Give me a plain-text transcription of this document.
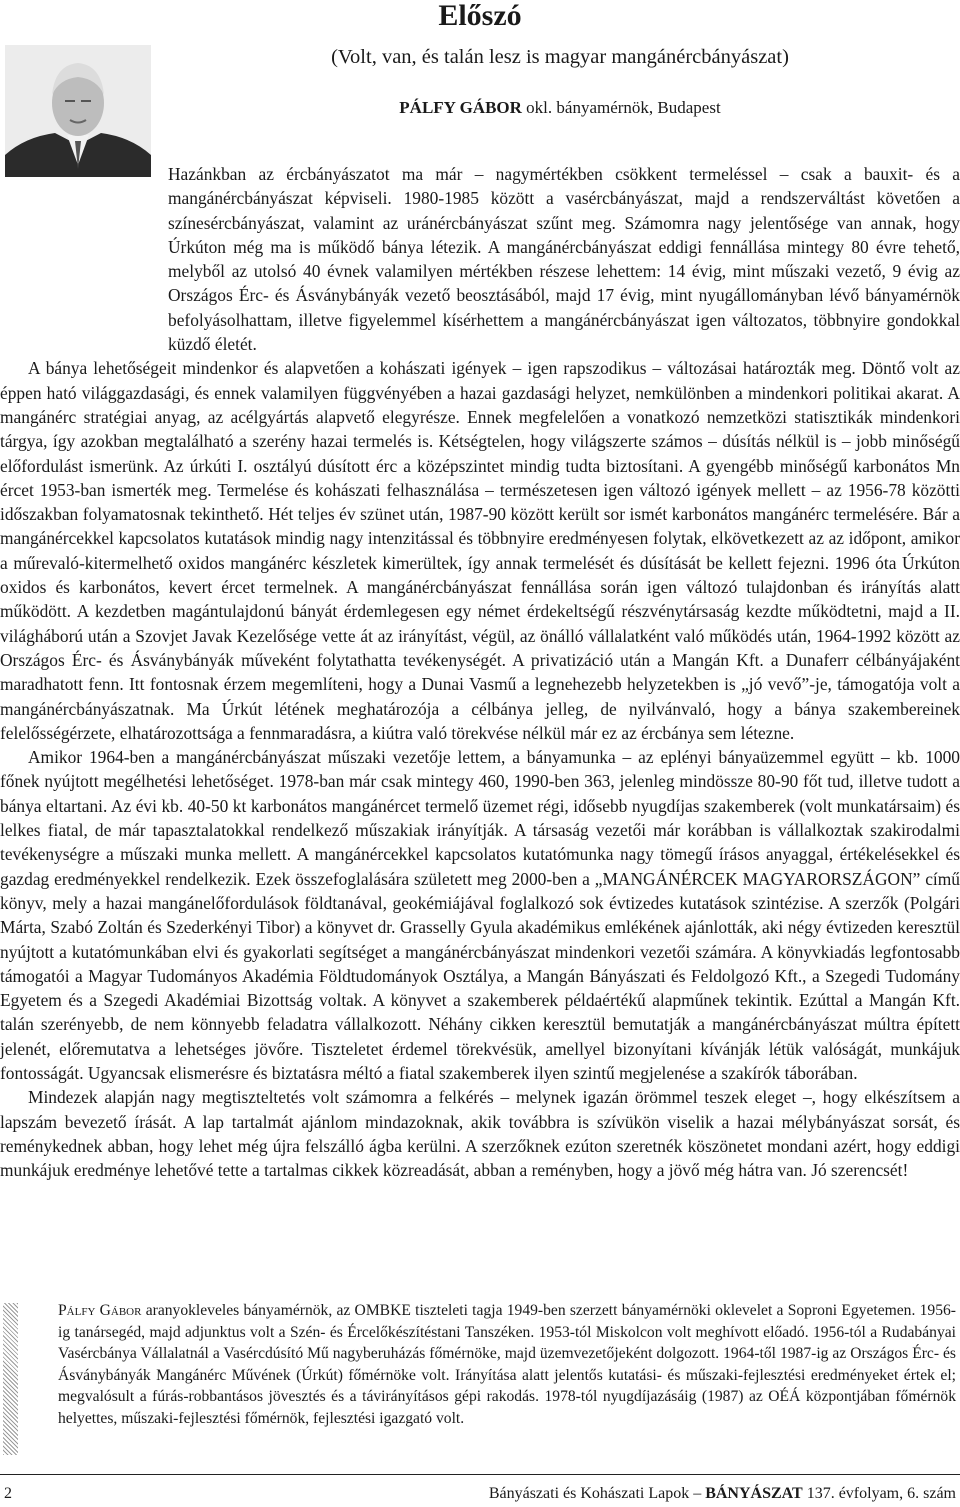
Előszó
(Volt, van, és talán lesz is magyar mangánércbányászat)
PÁLFY GÁBOR okl. bányamérnök, Budapest

Hazánkban az ércbányászatot ma már – nagymértékben csökkent termeléssel – csak a bauxit- és a mangánércbányászat képviseli. 1980-1985 között a vasércbányászat, majd a rendszerváltást követően a színesércbányászat, valamint az uránércbányászat szűnt meg. Számomra nagy jelentősége van annak, hogy Úrkúton még ma is működő bánya létezik. A mangánércbányászat eddigi fennállása mintegy 80 évre tehető, melyből az utolsó 40 évnek valamilyen mértékben részese lehettem: 14 évig, mint műszaki vezető, 9 évig az Országos Érc- és Ásványbányák vezető beosztásából, majd 17 évig, mint nyugállományban lévő bányamérnök befolyásolhattam, illetve figyelemmel kísérhettem a mangánércbányászat igen változatos, többnyire gondokkal küzdő életét.

A bánya lehetőségeit mindenkor és alapvetően a kohászati igények – igen rapszodikus – változásai határozták meg. Döntő volt az éppen ható világgazdasági, és ennek valamilyen függvényében a hazai gazdasági helyzet, nemkülönben a mindenkori politikai akarat. A mangánérc stratégiai anyag, az acélgyártás alapvető elegyrésze. Ennek megfelelően a vonatkozó nemzetközi statisztikák mindenkori tárgya, így azokban megtalálható a szerény hazai termelés is. Kétségtelen, hogy világszerte számos – dúsítás nélkül is – jobb minőségű előfordulást ismerünk. Az úrkúti I. osztályú dúsított érc a középszintet mindig tudta biztosítani. A gyengébb minőségű karbonátos Mn ércet 1953-ban ismerték meg. Termelése és kohászati felhasználása – természetesen igen változó igények mellett – az 1956-78 közötti időszakban folyamatosnak tekinthető. Hét teljes év szünet után, 1987-90 között került sor ismét karbonátos mangánérc termelésére. Bár a mangánércekkel kapcsolatos kutatások mindig nagy intenzitással és többnyire eredményesen folytak, elkövetkezett az az időpont, amikor a műrevaló-kitermelhető oxidos mangánérc készletek kimerültek, így annak termelését és dúsítását be kellett fejezni. 1996 óta Úrkúton oxidos és karbonátos, kevert ércet termelnek. A mangánércbányászat fennállása során igen változó tulajdonban és irányítás alatt működött. A kezdetben magántulajdonú bányát érdemlegesen egy német érdekeltségű részvénytársaság kezdte működtetni, majd a II. világháború után a Szovjet Javak Kezelősége vette át az irányítást, végül, az önálló vállalatként való működés után, 1964-1992 között az Országos Érc- és Ásványbányák műveként folytathatta tevékenységét. A privatizáció után a Mangán Kft. a Dunaferr célbányájaként maradhatott fenn. Itt fontosnak érzem megemlíteni, hogy a Dunai Vasmű a legnehezebb helyzetekben is „jó vevő”-je, támogatója volt a mangánércbányászatnak. Ma Úrkút létének meghatározója a célbánya jelleg, de nyilvánvaló, hogy a bánya szakembereinek felelősségérzete, elhatározottsága a fennmaradásra, a kiútra való törekvése nélkül már ez az ércbánya sem létezne.

Amikor 1964-ben a mangánércbányászat műszaki vezetője lettem, a bányamunka – az eplényi bányaüzemmel együtt – kb. 1000 főnek nyújtott megélhetési lehetőséget. 1978-ban már csak mintegy 460, 1990-ben 363, jelenleg mindössze 80-90 főt tud, illetve tudott a bánya eltartani. Az évi kb. 40-50 kt karbonátos mangánércet termelő üzemet régi, idősebb nyugdíjas szakemberek (volt munkatársaim) és lelkes fiatal, de már tapasztalatokkal rendelkező műszakiak irányítják. A társaság vezetői már korábban is vállalkoztak szakirodalmi tevékenységre a műszaki munka mellett. A mangánércekkel kapcsolatos kutatómunka nagy tömegű írásos anyaggal, értékelésekkel és gazdag eredményekkel rendelkezik. Ezek összefoglalására született meg 2000-ben a „MANGÁNÉRCEK MAGYARORSZÁGON” című könyv, mely a hazai mangánelőfordulások földtanával, geokémiájával foglalkozó sok évtizedes kutatások szintézise. A szerzők (Polgári Márta, Szabó Zoltán és Szederkényi Tibor) a könyvet dr. Grasselly Gyula akadémikus emlékének ajánlották, aki négy évtizeden keresztül nyújtott a kutatómunkában elvi és gyakorlati segítséget a mangánércbányászat mindenkori vezetői számára. A könyvkiadás legfontosabb támogatói a Magyar Tudományos Akadémia Földtudományok Osztálya, a Mangán Bányászati és Feldolgozó Kft., a Szegedi Tudomány Egyetem és a Szegedi Akadémiai Bizottság voltak. A könyvet a szakemberek példaértékű alapműnek tekintik. Ezúttal a Mangán Kft. talán szerényebb, de nem könnyebb feladatra vállalkozott. Néhány cikken keresztül bemutatják a mangánércbányászat múltra épített jelenét, előremutatva a lehetséges jövőre. Tiszteletet érdemel törekvésük, amellyel bizonyítani kívánják létük valóságát, munkájuk fontosságát. Ugyancsak elismerésre és biztatásra méltó a fiatal szakemberek ilyen szintű megjelenése a szakírók táborában.

Mindezek alapján nagy megtiszteltetés volt számomra a felkérés – melynek igazán örömmel teszek eleget –, hogy elkészítsem a lapszám bevezető írását. A lap tartalmát ajánlom mindazoknak, akik továbbra is szívükön viselik a hazai mélybányászat sorsát, és reménykednek abban, hogy lehet még újra felszálló ágba kerülni. A szerzőknek ezúton szeretnék köszönetet mondani azért, hogy eddigi munkájuk eredménye lehetővé tette a tartalmas cikkek közreadását, abban a reményben, hogy a jövő még hátra van. Jó szerencsét!

Pálfy Gábor aranyokleveles bányamérnök, az OMBKE tiszteleti tagja 1949-ben szerzett bányamérnöki oklevelet a Soproni Egyetemen. 1956-ig tanársegéd, majd adjunktus volt a Szén- és Ércelőkészítéstani Tanszéken. 1953-tól Miskolcon volt meghívott előadó. 1956-tól a Rudabányai Vasércbánya Vállalatnál a Vasércdúsító Mű nagyberuházás főmérnöke, majd üzemvezetőjeként dolgozott. 1964-től 1987-ig az Országos Érc- és Ásványbányák Mangánérc Művének (Úrkút) főmérnöke volt. Irányítása alatt jelentős kutatási- és műszaki-fejlesztési eredményeket értek el; megvalósult a fúrás-robbantásos jövesztés és a távirányításos gépi rakodás. 1978-tól nyugdíjazásáig (1987) az OÉÁ központjában főmérnök helyettes, műszaki-fejlesztési főmérnök, fejlesztési igazgató volt.
2	Bányászati és Kohászati Lapok – BÁNYÁSZAT 137. évfolyam, 6. szám
